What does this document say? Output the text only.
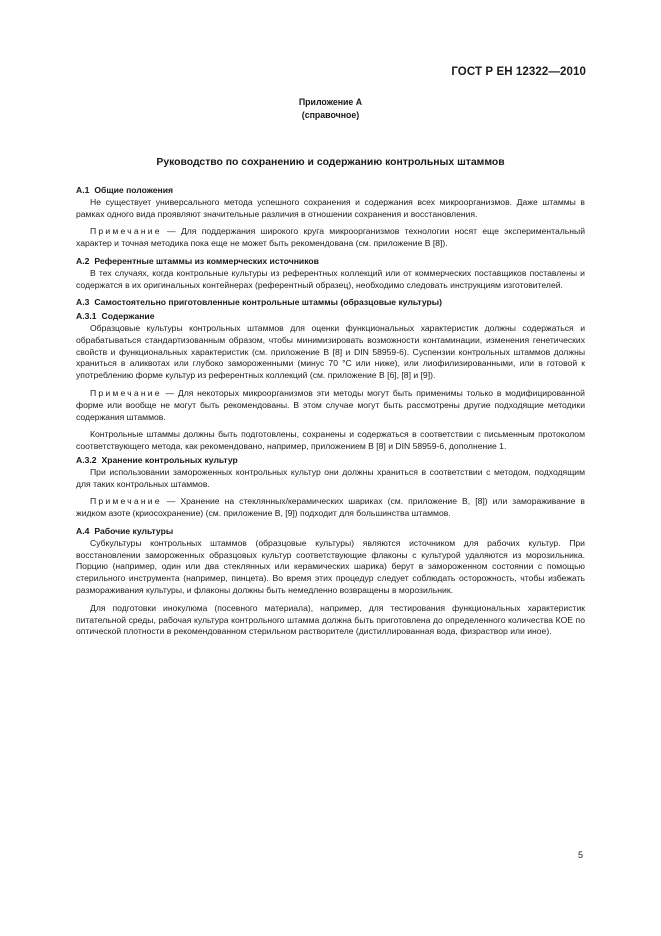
ГОСТ Р ЕН 12322—2010
Приложение А
(справочное)
Руководство по сохранению и содержанию контрольных штаммов
А.1 Общие положения

Не существует универсального метода успешного сохранения и содержания всех микроорганизмов. Даже штаммы в рамках одного вида проявляют значительные различия в отношении сохранения и восстановления.

Примечание — Для поддержания широкого круга микроорганизмов технологии носят еще экспериментальный характер и точная методика пока еще не может быть рекомендована (см. приложение В [8]).

А.2 Референтные штаммы из коммерческих источников

В тех случаях, когда контрольные культуры из референтных коллекций или от коммерческих поставщиков поставлены и содержатся в их оригинальных контейнерах (референтный образец), необходимо следовать инструкциям изготовителей.

А.3 Самостоятельно приготовленные контрольные штаммы (образцовые культуры)
А.3.1 Содержание

Образцовые культуры контрольных штаммов для оценки функциональных характеристик должны содержаться и обрабатываться стандартизованным образом, чтобы минимизировать возможности контаминации, изменения генетических свойств и функциональных характеристик (см. приложение В [8] и DIN 58959-6). Суспензии контрольных штаммов должны храниться в аликвотах или глубоко замороженными (минус 70 °С или ниже), или лиофилизированными, или в готовой к употреблению форме культур из референтных коллекций (см. приложение В [6], [8] и [9]).

Примечание — Для некоторых микроорганизмов эти методы могут быть применимы только в модифицированной форме или вообще не могут быть рекомендованы. В этом случае могут быть рассмотрены другие подходящие методики содержания штаммов.

Контрольные штаммы должны быть подготовлены, сохранены и содержаться в соответствии с письменным протоколом соответствующего метода, как рекомендовано, например, приложением В [8] и DIN 58959-6, дополнение 1.

А.3.2 Хранение контрольных культур

При использовании замороженных контрольных культур они должны храниться в соответствии с методом, подходящим для таких контрольных штаммов.

Примечание — Хранение на стеклянных/керамических шариках (см. приложение В, [8]) или замораживание в жидком азоте (криосохранение) (см. приложение В, [9]) подходит для большинства штаммов.

А.4 Рабочие культуры

Субкультуры контрольных штаммов (образцовые культуры) являются источником для рабочих культур. При восстановлении замороженных образцовых культур соответствующие флаконы с культурой удаляются из морозильника. Порцию (например, один или два стеклянных или керамических шарика) берут в замороженном состоянии с помощью стерильного инструмента (например, пинцета). Во время этих процедур следует соблюдать осторожность, чтобы избежать размораживания культуры, и флаконы должны быть немедленно возвращены в морозильник.

Для подготовки инокулюма (посевного материала), например, для тестирования функциональных характеристик питательной среды, рабочая культура контрольного штамма должна быть приготовлена до определенного количества КОЕ по оптической плотности в рекомендованном стерильном растворителе (дистиллированная вода, физраствор или иное).

5
